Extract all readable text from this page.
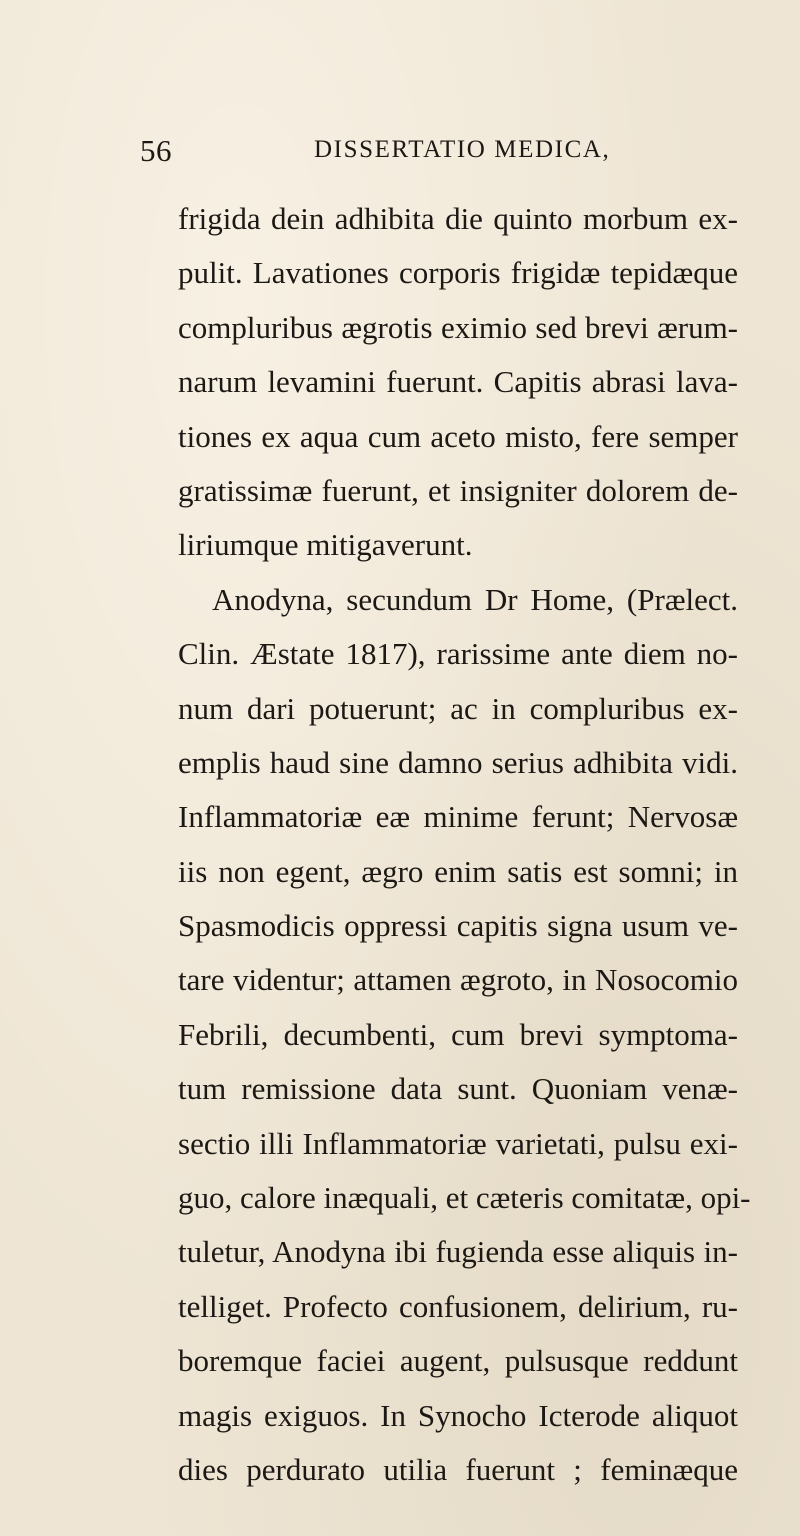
56	DISSERTATIO MEDICA,
frigida dein adhibita die quinto morbum ex-
pulit. Lavationes corporis frigidæ tepidæque
compluribus ægrotis eximio sed brevi ærum-
narum levamini fuerunt. Capitis abrasi lava-
tiones ex aqua cum aceto misto, fere semper
gratissimæ fuerunt, et insigniter dolorem de-
liriumque mitigaverunt.
Anodyna, secundum Dr Home, (Prælect.
Clin. Æstate 1817), rarissime ante diem no-
num dari potuerunt; ac in compluribus ex-
emplis haud sine damno serius adhibita vidi.
Inflammatoriæ eæ minime ferunt; Nervosæ
iis non egent, ægro enim satis est somni; in
Spasmodicis oppressi capitis signa usum ve-
tare videntur; attamen ægroto, in Nosocomio
Febrili, decumbenti, cum brevi symptoma-
tum remissione data sunt. Quoniam venæ-
sectio illi Inflammatoriæ varietati, pulsu exi-
guo, calore inæquali, et cæteris comitatæ, opi-
tuletur, Anodyna ibi fugienda esse aliquis in-
telliget. Profecto confusionem, delirium, ru-
boremque faciei augent, pulsusque reddunt
magis exiguos. In Synocho Icterode aliquot
dies perdurato utilia fuerunt ; feminæque
